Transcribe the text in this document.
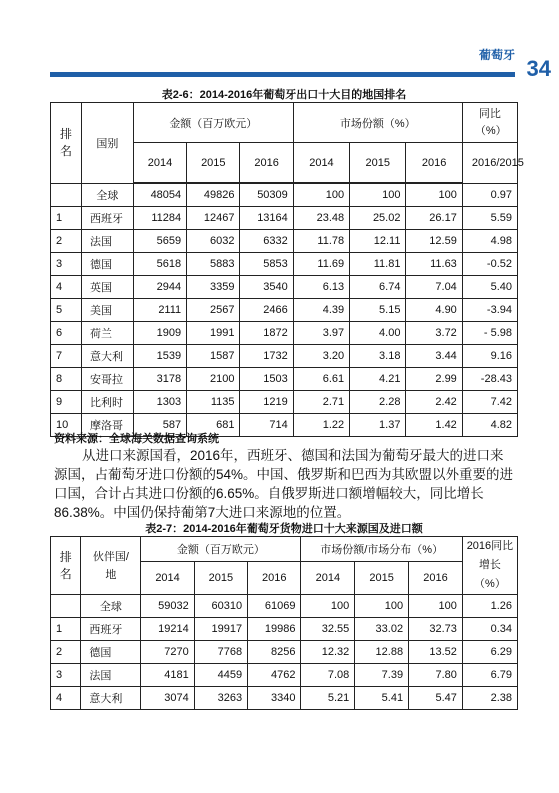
葡萄牙
34
表2-6：2014-2016年葡萄牙出口十大目的地国排名
排名	国别	金额（百万欧元）			市场份额（%）			同比（%）
		2014	2015	2016	2014	2015	2016	2016/2015

	全球	48054	49826	50309	100	100	100	0.97
1	西班牙	11284	12467	13164	23.48	25.02	26.17	5.59
2	法国	5659	6032	6332	11.78	12.11	12.59	4.98
3	德国	5618	5883	5853	11.69	11.81	11.63	-0.52
4	英国	2944	3359	3540	6.13	6.74	7.04	5.40
5	美国	2111	2567	2466	4.39	5.15	4.90	-3.94
6	荷兰	1909	1991	1872	3.97	4.00	3.72	- 5.98
7	意大利	1539	1587	1732	3.20	3.18	3.44	9.16
8	安哥拉	3178	2100	1503	6.61	4.21	2.99	-28.43
9	比利时	1303	1135	1219	2.71	2.28	2.42	7.42
10	摩洛哥	587	681	714	1.22	1.37	1.42	4.82
资料来源：全球海关数据查询系统

从进口来源国看，2016年，西班牙、德国和法国为葡萄牙最大的进口来源国，占葡萄牙进口份额的54%。中国、俄罗斯和巴西为其欧盟以外重要的进口国，合计占其进口份额的6.65%。自俄罗斯进口额增幅较大，同比增长86.38%。中国仍保持葡第7大进口来源地的位置。

表2-7：2014-2016年葡萄牙货物进口十大来源国及进口额
排名	伙伴国/地	金额（百万欧元）			市场份额/市场分布（%）			2016同比增长（%）
		2014	2015	2016	2014	2015	2016	
	全球	59032	60310	61069	100	100	100	1.26
1	西班牙	19214	19917	19986	32.55	33.02	32.73	0.34
2	德国	7270	7768	8256	12.32	12.88	13.52	6.29
3	法国	4181	4459	4762	7.08	7.39	7.80	6.79
4	意大利	3074	3263	3340	5.21	5.41	5.47	2.38
